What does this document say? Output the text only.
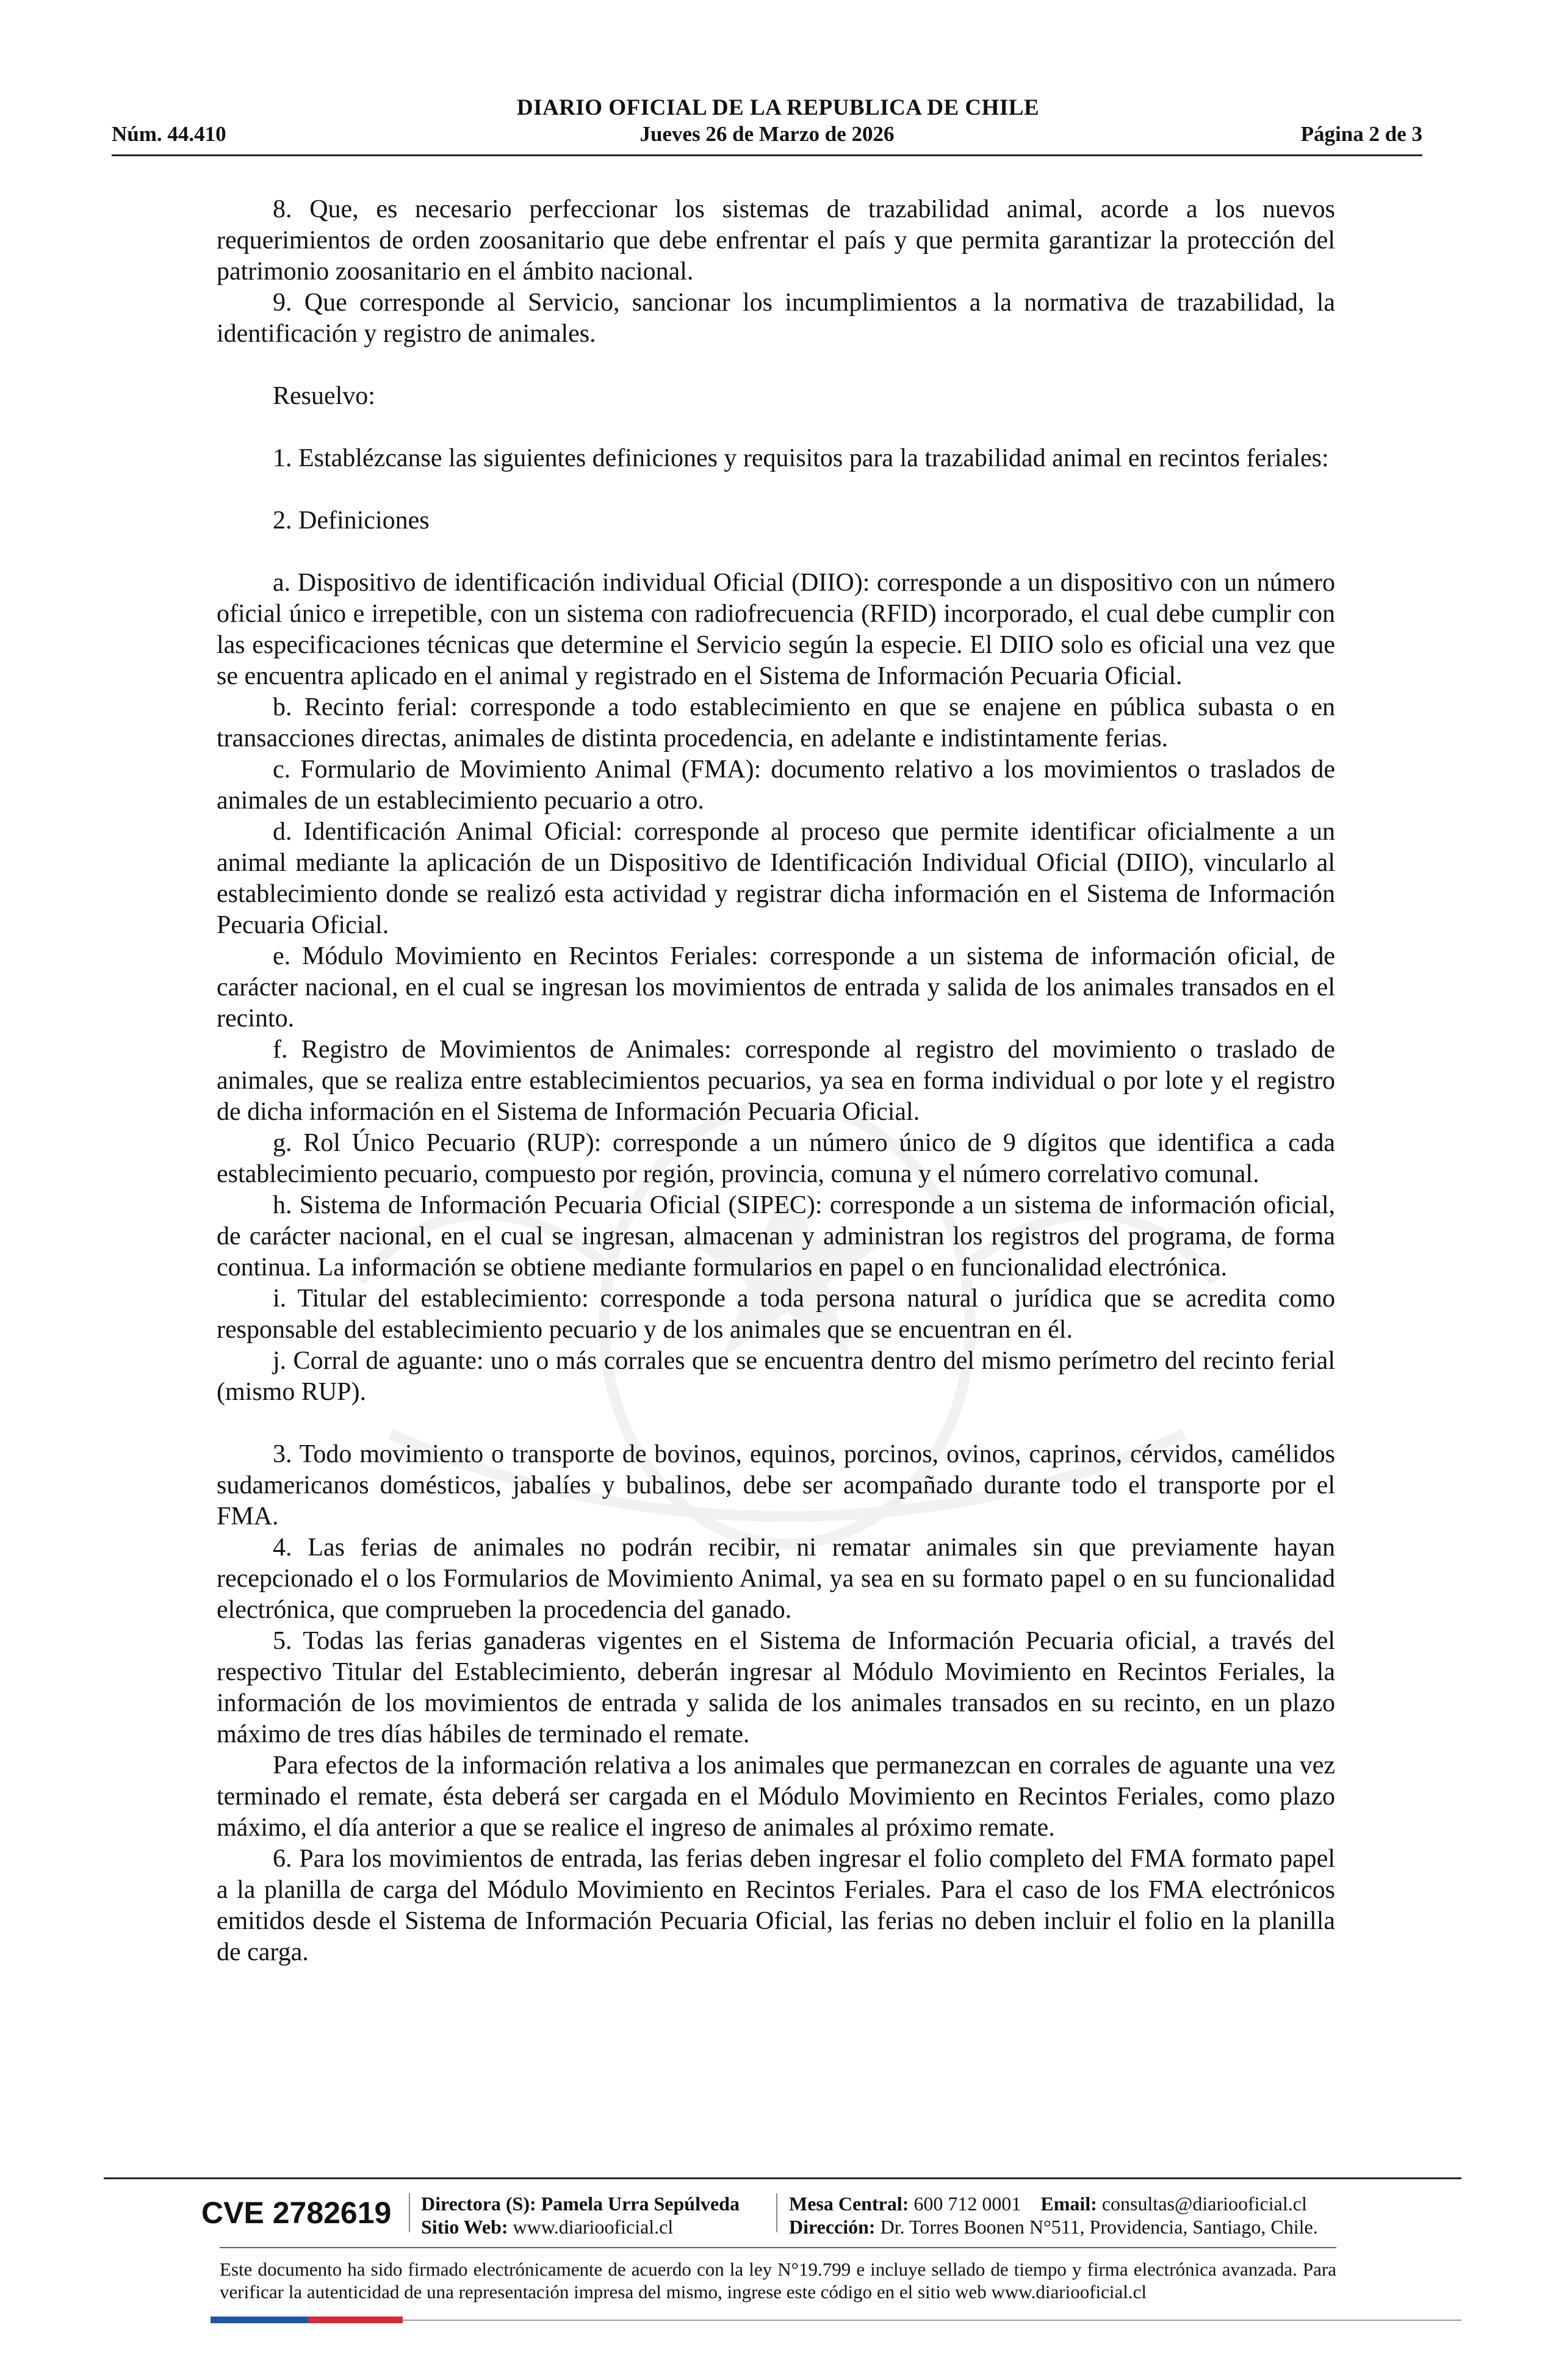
DIARIO OFICIAL DE LA REPUBLICA DE CHILE
Núm. 44.410	Jueves 26 de Marzo de 2026	Página 2 de 3

8. Que, es necesario perfeccionar los sistemas de trazabilidad animal, acorde a los nuevos requerimientos de orden zoosanitario que debe enfrentar el país y que permita garantizar la protección del patrimonio zoosanitario en el ámbito nacional.

9. Que corresponde al Servicio, sancionar los incumplimientos a la normativa de trazabilidad, la identificación y registro de animales.

Resuelvo:

1. Establézcanse las siguientes definiciones y requisitos para la trazabilidad animal en recintos feriales:

2. Definiciones

a. Dispositivo de identificación individual Oficial (DIIO): corresponde a un dispositivo con un número oficial único e irrepetible, con un sistema con radiofrecuencia (RFID) incorporado, el cual debe cumplir con las especificaciones técnicas que determine el Servicio según la especie. El DIIO solo es oficial una vez que se encuentra aplicado en el animal y registrado en el Sistema de Información Pecuaria Oficial.

b. Recinto ferial: corresponde a todo establecimiento en que se enajene en pública subasta o en transacciones directas, animales de distinta procedencia, en adelante e indistintamente ferias.

c. Formulario de Movimiento Animal (FMA): documento relativo a los movimientos o traslados de animales de un establecimiento pecuario a otro.

d. Identificación Animal Oficial: corresponde al proceso que permite identificar oficialmente a un animal mediante la aplicación de un Dispositivo de Identificación Individual Oficial (DIIO), vincularlo al establecimiento donde se realizó esta actividad y registrar dicha información en el Sistema de Información Pecuaria Oficial.

e. Módulo Movimiento en Recintos Feriales: corresponde a un sistema de información oficial, de carácter nacional, en el cual se ingresan los movimientos de entrada y salida de los animales transados en el recinto.

f. Registro de Movimientos de Animales: corresponde al registro del movimiento o traslado de animales, que se realiza entre establecimientos pecuarios, ya sea en forma individual o por lote y el registro de dicha información en el Sistema de Información Pecuaria Oficial.

g. Rol Único Pecuario (RUP): corresponde a un número único de 9 dígitos que identifica a cada establecimiento pecuario, compuesto por región, provincia, comuna y el número correlativo comunal.

h. Sistema de Información Pecuaria Oficial (SIPEC): corresponde a un sistema de información oficial, de carácter nacional, en el cual se ingresan, almacenan y administran los registros del programa, de forma continua. La información se obtiene mediante formularios en papel o en funcionalidad electrónica.

i. Titular del establecimiento: corresponde a toda persona natural o jurídica que se acredita como responsable del establecimiento pecuario y de los animales que se encuentran en él.

j. Corral de aguante: uno o más corrales que se encuentra dentro del mismo perímetro del recinto ferial (mismo RUP).

3. Todo movimiento o transporte de bovinos, equinos, porcinos, ovinos, caprinos, cérvidos, camélidos sudamericanos domésticos, jabalíes y bubalinos, debe ser acompañado durante todo el transporte por el FMA.

4. Las ferias de animales no podrán recibir, ni rematar animales sin que previamente hayan recepcionado el o los Formularios de Movimiento Animal, ya sea en su formato papel o en su funcionalidad electrónica, que comprueben la procedencia del ganado.

5. Todas las ferias ganaderas vigentes en el Sistema de Información Pecuaria oficial, a través del respectivo Titular del Establecimiento, deberán ingresar al Módulo Movimiento en Recintos Feriales, la información de los movimientos de entrada y salida de los animales transados en su recinto, en un plazo máximo de tres días hábiles de terminado el remate.

Para efectos de la información relativa a los animales que permanezcan en corrales de aguante una vez terminado el remate, ésta deberá ser cargada en el Módulo Movimiento en Recintos Feriales, como plazo máximo, el día anterior a que se realice el ingreso de animales al próximo remate.

6. Para los movimientos de entrada, las ferias deben ingresar el folio completo del FMA formato papel a la planilla de carga del Módulo Movimiento en Recintos Feriales. Para el caso de los FMA electrónicos emitidos desde el Sistema de Información Pecuaria Oficial, las ferias no deben incluir el folio en la planilla de carga.

CVE 2782619 Directora (S): Pamela Urra Sepúlveda
Sitio Web: www.diariooficial.cl
Mesa Central: 600 712 0001 Email: consultas@diariooficial.cl
Dirección: Dr. Torres Boonen N°511, Providencia, Santiago, Chile.
Este documento ha sido firmado electrónicamente de acuerdo con la ley N°19.799 e incluye sellado de tiempo y firma electrónica avanzada. Para verificar la autenticidad de una representación impresa del mismo, ingrese este código en el sitio web www.diariooficial.cl
